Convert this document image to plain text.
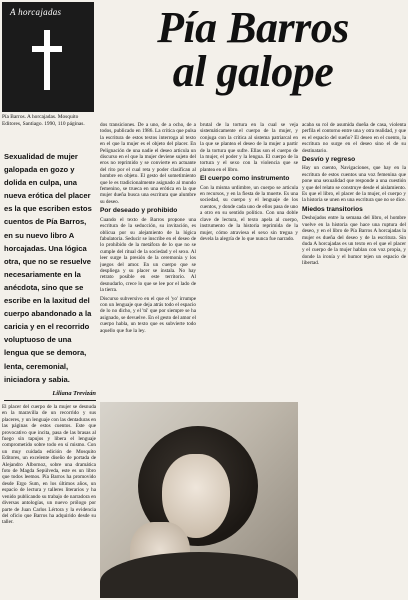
A horcajadas
Pía Barros. A horcajadas. Mosquito Editores, Santiago. 1990, 110 páginas.
Pía Barros
al galope
Sexualidad de mujer galopada en gozo y dolida en culpa, una nueva erótica del placer es la que escriben estos cuentos de Pía Barros, en su nuevo libro A horcajadas. Una lógica otra, que no se resuelve necesariamente en la anécdota, sino que se escribe en la laxitud del cuerpo abandonado a la caricia y en el recorrido voluptuoso de una lengua que se demora, lenta, ceremonial, iniciadora y sabia.
Liliana Trevizán
El placer del cuerpo de la mujer se desnuda en la maravilla de un recorrido y sus placeres, y un lenguaje con las dentaduras en las páginas de estos cuentos. Este que provocativo que incita, pasa de las brasas al fuego sin tapujos y libera el lenguaje comprometido sobre todo en sí mismo. Con un muy cuidada edición de Mosquito Editores, un excelente diseño de portada de Alejandro Albornoz, sobre una dramática foto de Magda Sepúlveda, este es un libro que todos leemos. Pía Barros ha promovido desde Ergo Sum, en los últimos años, un espacio de lectura y talleres literarios y ha venido publicando su trabajo de narradora en diversas antologías, un nuevo prólogo por parte de Juan Carlos Lértora y la evidencia del oficio que Barros ha adquirido desde su taller.

dos transiciones. De a uno, de a ocho, de a todos, publicado en 1986. La crítica que pulsa la escritura de estos textos interroga al texto en el que la mujer es el objeto del placer. En Pelignación de una nadie el deseo articula un discurso en el que la mujer deviene sujeto del eros no reprimido y se convierte en actuante del rito por el cual reta y poder clasifican al hombre en objeto. El gesto del sometimiento que le es tradicionalmente asignado al mundo femenino, se trueca en una erótica en la que mujer dueña busca una escritura que alumbre su deseo.

Por deseado y prohibido

Cuando el texto de Barros propone una escritura de la seducción, su invitación, es oblicua por su alejamiento de la lógica fabulatoria. Seducir se inscribe en el deseo de lo prohibido de la metáfora de lo que no se cumple del ritual de la sociedad y el sexo. Al leer surge la presión de la ceremonia y los juegos del amor. En un cuerpo que se despliega y su placer se instala. No hay retrato posible en este territorio. Al desnudarlo, crece lo que se lee por el lado de la tierra.

Discurso subversivo en el que el 'yo' irrumpe con un lenguaje que deja atrás todo el espacio de lo no dicho, y el 'tú' que por siempre se ha asignado, se devuelve. En el gesto del amor el cuerpo habla, un texto que es subvierte todo aquello que fue la ley.

brutal de la tortura en la cual se veja sistemáticamente el cuerpo de la mujer, y conjuga con la crítica al sistema patriarcal en la que se plantea el deseo de la mujer a partir de la tortura que sufre. Ellas son el cuerpo de la mujer, el poder y la lengua. El cuerpo de la tortura y el sexo con la violencia que se plantea en el libro.

El cuerpo como instrumento

Con la misma urdimbre, un cuerpo se articula en recursos, y en la fiesta de la muerte. Es una sociedad, su cuerpo y el lenguaje de los cuentos, y donde cada uno de ellos pasa de uno a otro en su sentido político. Con una doble clave de lectura, el texto apela al cuerpo, instrumento de la historia reprimida de la mujer, cómo atraviesa el sexo sin tregua y devela la alegría de lo que nunca fue narrado.

acaba su rol de asumida dueña de casa, violenta perfila el contorno entre una y otra realidad, y que es el espacio del sueño? El deseo en el cuento, la escritura no surge en el deseo sino el de su destinatario.

Desvío y regreso

Hay un cuento, Navigaciones, que hay en la escritura de estos cuentos una voz femenina que pone una sexualidad que responde a una cuestión y que del relato se construye desde el aislamiento. Es que el libro, el placer de la mujer, el cuerpo y la historia se unen en una escritura que no se dice.

Miedos transitorios

Deshojados entre la semana del libro, el hombre vuelve en la historia que hace una ruptura del deseo, y en el libro de Pía Barros A horcajadas la mujer es dueña del deseo y de la escritura. Sin duda A horcajadas es un texto en el que el placer y el cuerpo de la mujer hablan con voz propia, y donde la ironía y el humor tejen un espacio de libertad.
